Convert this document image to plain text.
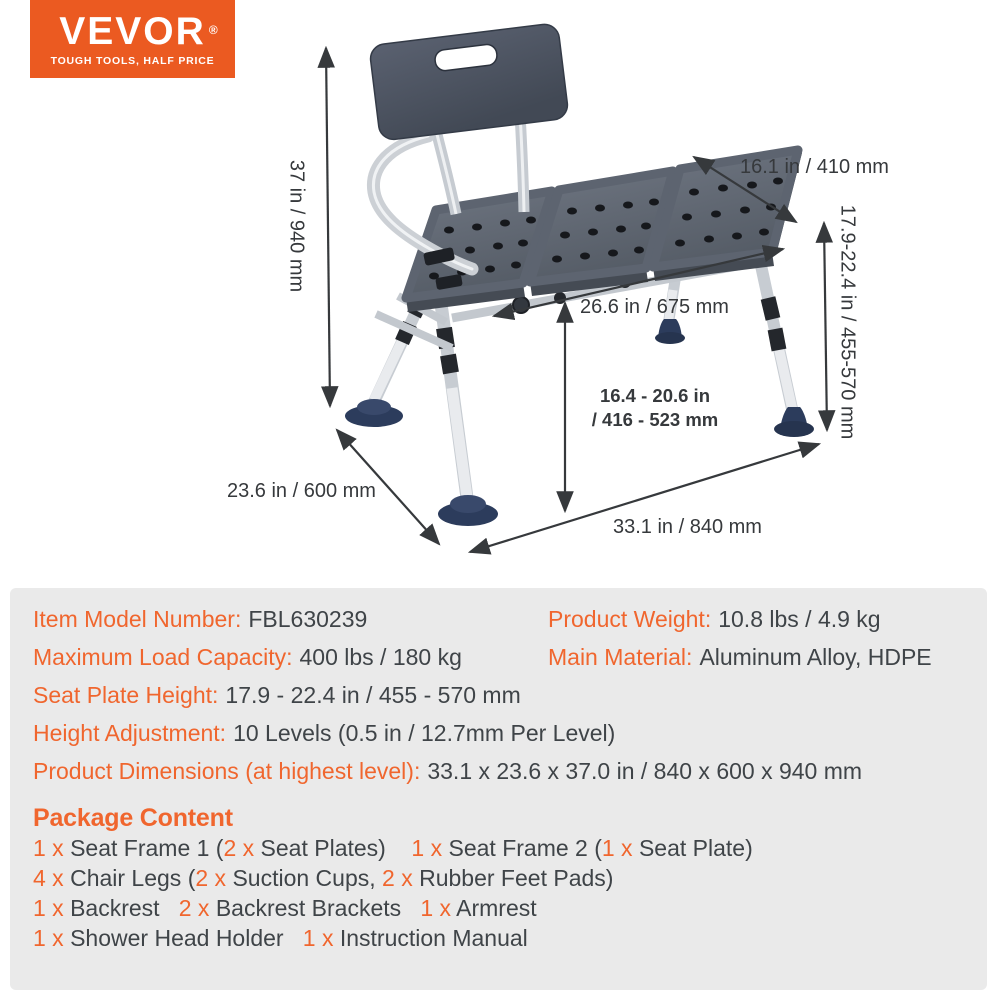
VEVOR ®
TOUGH TOOLS, HALF PRICE
37 in / 940 mm	16.1 in / 410 mm
17.9-22.4 in / 455-570 mm
26.6 in / 675 mm
16.4 - 20.6 in
/ 416 - 523 mm
23.6 in / 600 mm
33.1 in / 840 mm
Item Model Number: FBL630239	Product Weight: 10.8 lbs / 4.9 kg
Maximum Load Capacity: 400 lbs / 180 kg	Main Material: Aluminum Alloy, HDPE
Seat Plate Height: 17.9 - 22.4 in / 455 - 570 mm
Height Adjustment: 10 Levels (0.5 in / 12.7mm Per Level)
Product Dimensions (at highest level): 33.1 x 23.6 x 37.0 in / 840 x 600 x 940 mm
Package Content
1 x Seat Frame 1 (2 x Seat Plates) 1 x Seat Frame 2 (1 x Seat Plate)
4 x Chair Legs (2 x Suction Cups, 2 x Rubber Feet Pads)
1 x Backrest 2 x Backrest Brackets 1 x Armrest
1 x Shower Head Holder 1 x Instruction Manual
